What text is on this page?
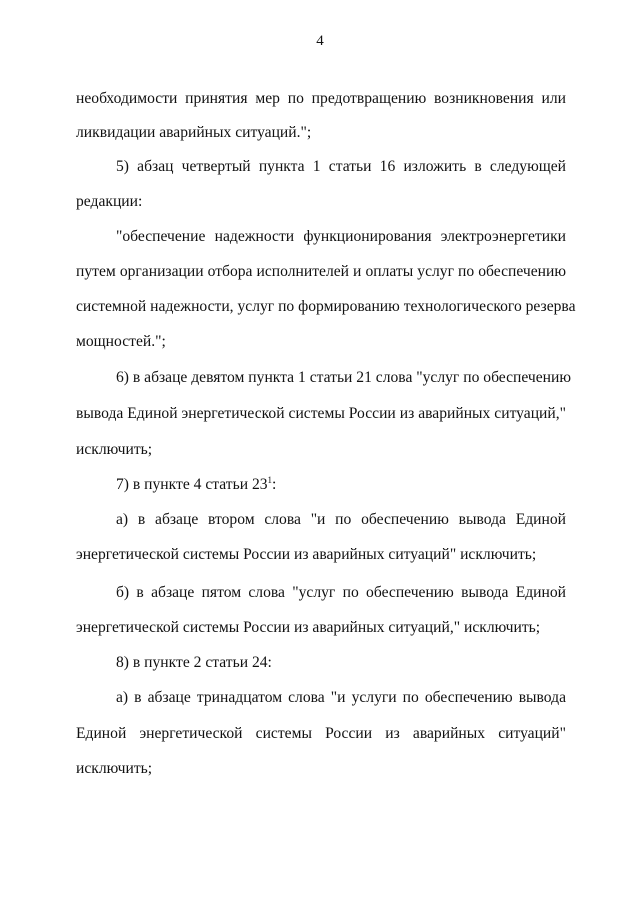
4
необходимости принятия мер по предотвращению возникновения или
ликвидации аварийных ситуаций.";
5) абзац четвертый пункта 1 статьи 16 изложить в следующей
редакции:
"обеспечение надежности функционирования электроэнергетики
путем организации отбора исполнителей и оплаты услуг по обеспечению
системной надежности, услуг по формированию технологического резерва
мощностей.";
6) в абзаце девятом пункта 1 статьи 21 слова "услуг по обеспечению
вывода Единой энергетической системы России из аварийных ситуаций,"
исключить;
7) в пункте 4 статьи $23^1$:
а) в абзаце втором слова "и по обеспечению вывода Единой
энергетической системы России из аварийных ситуаций" исключить;
б) в абзаце пятом слова "услуг по обеспечению вывода Единой
энергетической системы России из аварийных ситуаций," исключить;
8) в пункте 2 статьи 24:
а) в абзаце тринадцатом слова "и услуги по обеспечению вывода
Единой энергетической системы России из аварийных ситуаций"
исключить;
